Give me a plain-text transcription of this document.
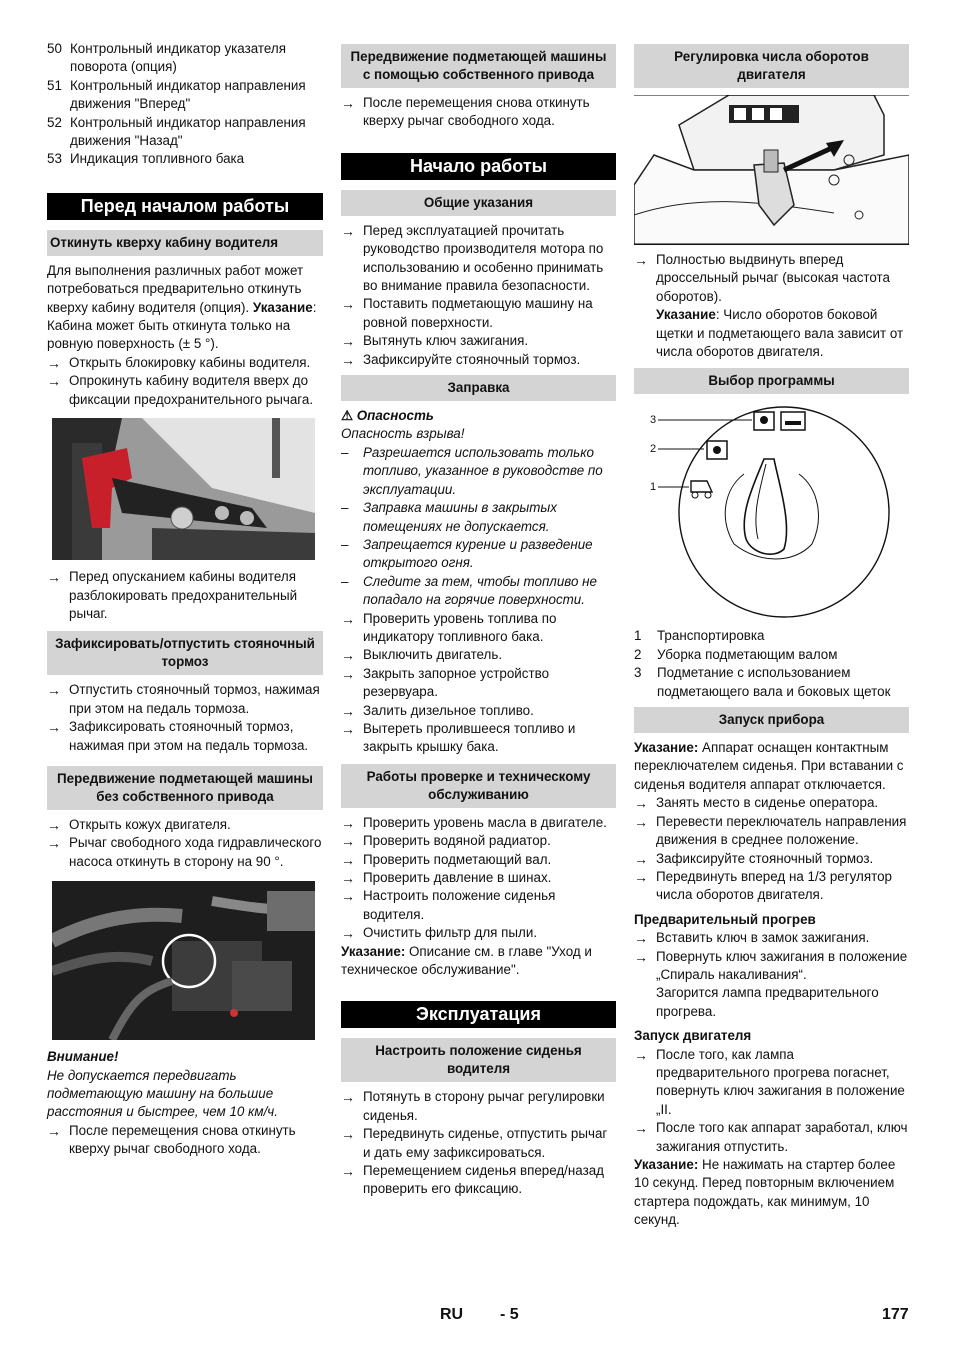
50 Контрольный индикатор указателя поворота (опция)
51 Контрольный индикатор направления движения "Вперед"
52 Контрольный индикатор направления движения "Назад"
53 Индикация топливного бака
Перед началом работы
Откинуть кверху кабину водителя

Для выполнения различных работ может потребоваться предварительно откинуть кверху кабину водителя (опция). Указание: Кабина может быть откинута только на ровную поверхность (± 5 °).

→ Открыть блокировку кабины водителя.
→ Опрокинуть кабину водителя вверх до фиксации предохранительного рычага.
→ Перед опусканием кабины водителя разблокировать предохранительный рычаг.
Зафиксировать/отпустить стояночный тормоз
→ Отпустить стояночный тормоз, нажимая при этом на педаль тормоза.
→ Зафиксировать стояночный тормоз, нажимая при этом на педаль тормоза.
Передвижение подметающей машины без собственного привода
→ Открыть кожух двигателя.
→ Рычаг свободного хода гидравлического насоса откинуть в сторону на 90 °.

Внимание!

Не допускается передвигать подметающую машину на большие расстояния и быстрее, чем 10 км/ч.

→ После перемещения снова откинуть кверху рычаг свободного хода.
Передвижение подметающей машины с помощью собственного привода
→ После перемещения снова откинуть кверху рычаг свободного хода.
Начало работы
Общие указания
→ Перед эксплуатацией прочитать руководство производителя мотора по использованию и особенно принимать во внимание правила безопасности.
→ Поставить подметающую машину на ровной поверхности.
→ Вытянуть ключ зажигания.
→ Зафиксируйте стояночный тормоз.
Заправка

⚠ Опасность

Опасность взрыва!

–	Разрешается использовать только топливо, указанное в руководстве по эксплуатации.
–	Заправка машины в закрытых помещениях не допускается.
–	Запрещается курение и разведение открытого огня.
–	Следите за тем, чтобы топливо не попадало на горячие поверхности.
→ Проверить уровень топлива по индикатору топливного бака.
→ Выключить двигатель.
→ Закрыть запорное устройство резервуара.
→ Залить дизельное топливо.
→ Вытереть пролившееся топливо и закрыть крышку бака.
Работы проверке и техническому обслуживанию
→ Проверить уровень масла в двигателе.
→ Проверить водяной радиатор.
→ Проверить подметающий вал.
→ Проверить давление в шинах.
→ Настроить положение сиденья водителя.
→ Очистить фильтр для пыли.

Указание: Описание см. в главе "Уход и техническое обслуживание".

Эксплуатация
Настроить положение сиденья водителя
→ Потянуть в сторону рычаг регулировки сиденья.
→ Передвинуть сиденье, отпустить рычаг и дать ему зафиксироваться.
→ Перемещением сиденья вперед/назад проверить его фиксацию.
Регулировка числа оборотов двигателя
→ Полностью выдвинуть вперед дроссельный рычаг (высокая частота оборотов).

Указание: Число оборотов боковой щетки и подметающего вала зависит от числа оборотов двигателя.

Выбор программы
3
2
1
1	Транспортировка
2	Уборка подметающим валом
3	Подметание с использованием подметающего вала и боковых щеток
Запуск прибора

Указание: Аппарат оснащен контактным переключателем сиденья. При вставании с сиденья водителя аппарат отключается.

→ Занять место в сиденье оператора.
→ Перевести переключатель направления движения в среднее положение.
→ Зафиксируйте стояночный тормоз.
→ Передвинуть вперед на 1/3 регулятор числа оборотов двигателя.

Предварительный прогрев

→ Вставить ключ в замок зажигания.
→ Повернуть ключ зажигания в положение „Спираль накаливания“.

Загорится лампа предварительного прогрева.

Запуск двигателя

→ После того, как лампа предварительного прогрева погаснет, повернуть ключ зажигания в положение „II.
→ После того как аппарат заработал, ключ зажигания отпустить.

Указание: Не нажимать на стартер более 10 секунд. Перед повторным включением стартера подождать, как минимум, 10 секунд.

RU - 5	177
